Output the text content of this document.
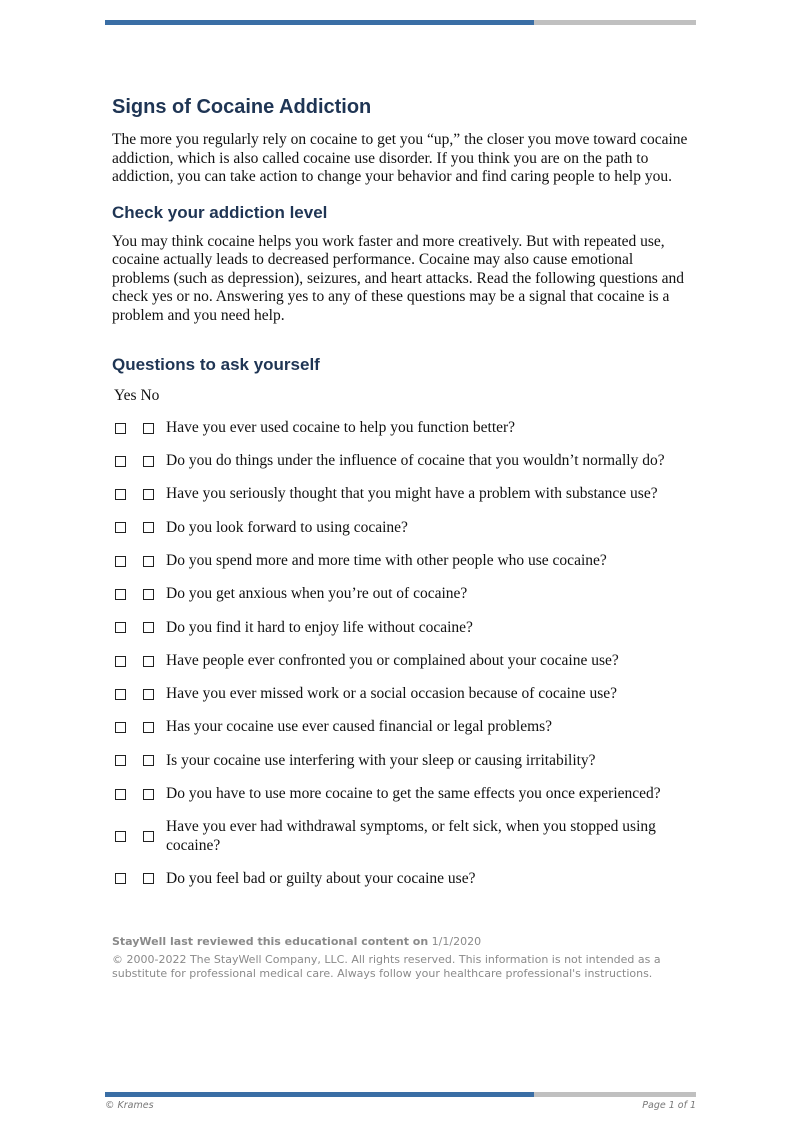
Signs of Cocaine Addiction

The more you regularly rely on cocaine to get you “up,” the closer you move toward cocaine addiction, which is also called cocaine use disorder. If you think you are on the path to addiction, you can take action to change your behavior and find caring people to help you.

Check your addiction level

You may think cocaine helps you work faster and more creatively. But with repeated use, cocaine actually leads to decreased performance. Cocaine may also cause emotional problems (such as depression), seizures, and heart attacks. Read the following questions and check yes or no. Answering yes to any of these questions may be a signal that cocaine is a problem and you need help.

Questions to ask yourself
Yes No
Have you ever used cocaine to help you function better?
Do you do things under the influence of cocaine that you wouldn’t normally do?
Have you seriously thought that you might have a problem with substance use?
Do you look forward to using cocaine?
Do you spend more and more time with other people who use cocaine?
Do you get anxious when you’re out of cocaine?
Do you find it hard to enjoy life without cocaine?
Have people ever confronted you or complained about your cocaine use?
Have you ever missed work or a social occasion because of cocaine use?
Has your cocaine use ever caused financial or legal problems?
Is your cocaine use interfering with your sleep or causing irritability?
Do you have to use more cocaine to get the same effects you once experienced?
Have you ever had withdrawal symptoms, or felt sick, when you stopped using cocaine?
Do you feel bad or guilty about your cocaine use?
StayWell last reviewed this educational content on 1/1/2020
© 2000-2022 The StayWell Company, LLC. All rights reserved. This information is not intended as a substitute for professional medical care. Always follow your healthcare professional's instructions.
© Krames	Page 1 of 1
